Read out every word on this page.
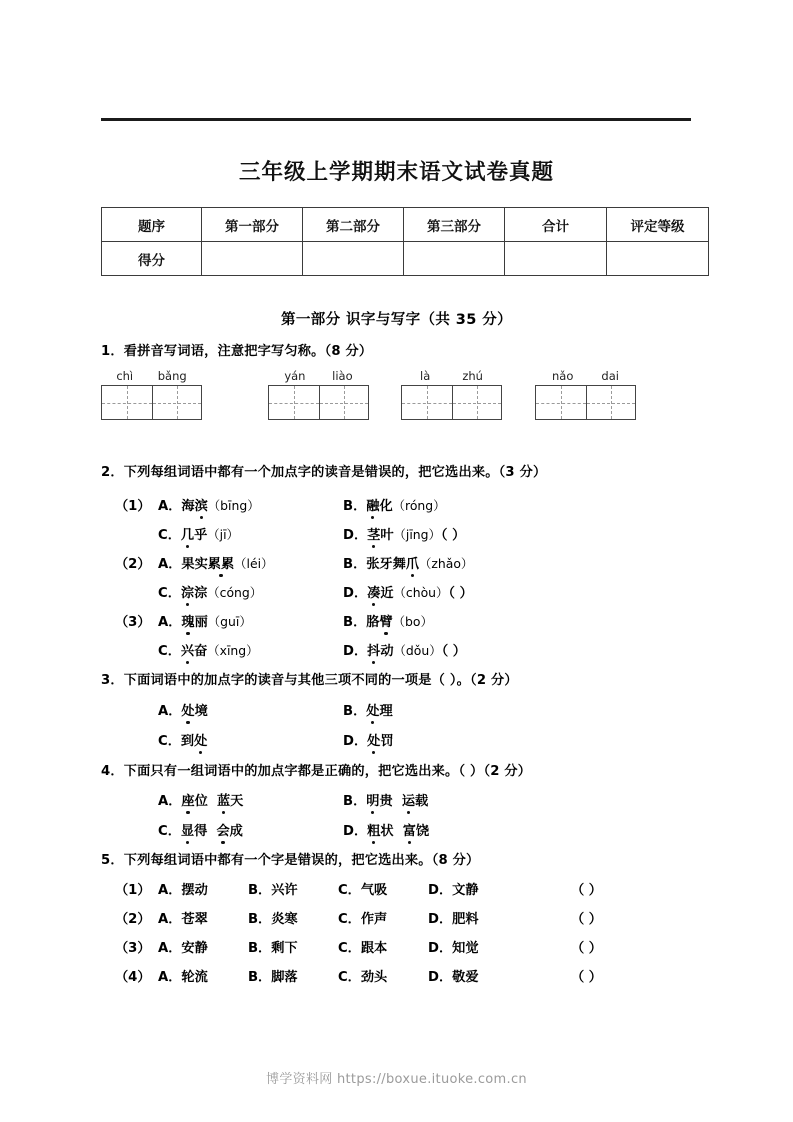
三年级上学期期末语文试卷真题
题序	第一部分	第二部分	第三部分	合计	评定等级
得分					
第一部分 识字与写字（共 35 分）
1．看拼音写词语，注意把字写匀称。（8 分）
chì bǎng	yán liào	là	zhú	nǎo dai
2．下列每组词语中都有一个加点字的读音是错误的，把它选出来。（3 分）
（1） A．海滨（bīng）	B．融化（róng）
C．几乎（jī）	D．茎叶（jīng）（ ）
（2） A．果实累累（léi）	B．张牙舞爪（zhǎo）
C．淙淙（cóng）	D．凑近（chòu）（ ）
（3） A．瑰丽（guī）	B．胳臂（bo）
C．兴奋（xīng）	D．抖动（dǒu）（ ）
3．下面词语中的加点字的读音与其他三项不同的一项是（ ）。（2 分）
A．处境	B．处理
C．到处	D．处罚
4．下面只有一组词语中的加点字都是正确的，把它选出来。（ ）（2 分）
A．座位 蓝天	B．明贵 运载
C．显得 会成	D．粗状 富饶
5．下列每组词语中都有一个字是错误的，把它选出来。（8 分）
（1） A．摆动	B．兴许	C．气吸	D．文静	（ ）
（2） A．苍翠	B．炎寒	C．作声	D．肥料	（ ）
（3） A．安静	B．剩下	C．跟本	D．知觉	（ ）
（4） A．轮流	B．脚落	C．劲头	D．敬爱	（ ）
博学资料网 https://boxue.ituoke.com.cn
